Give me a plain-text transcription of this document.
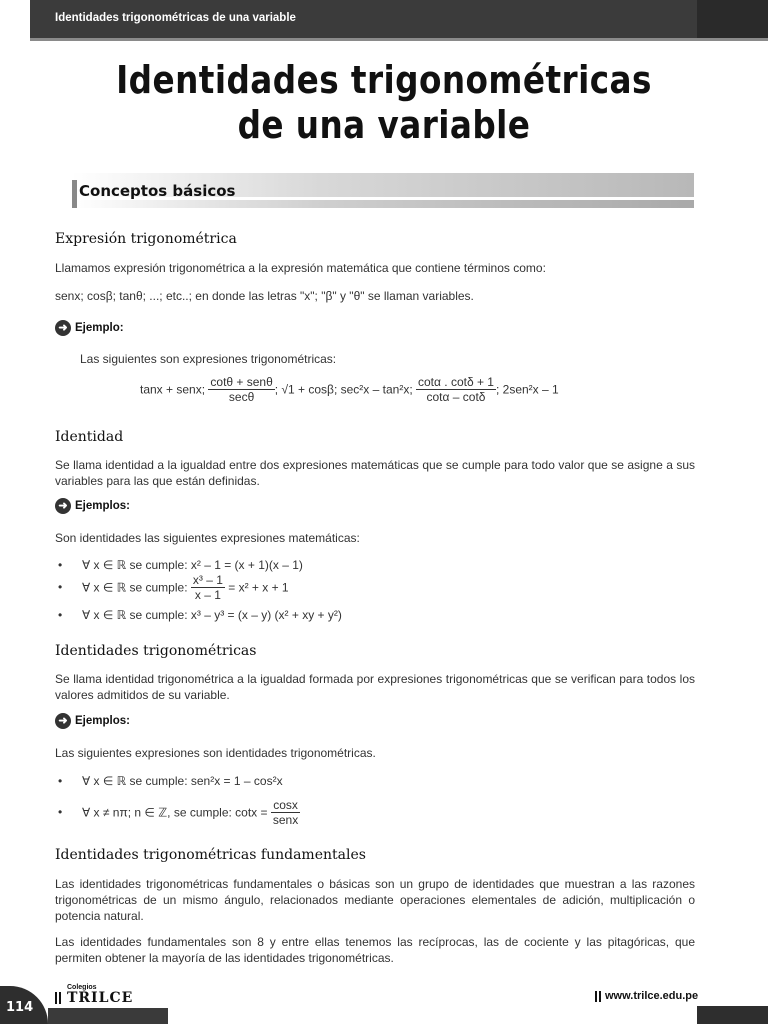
Identidades trigonométricas de una variable
Identidades trigonométricas
de una variable
Conceptos básicos
Expresión trigonométrica
Llamamos expresión trigonométrica a la expresión matemática que contiene términos como:
senx; cosβ; tanθ; ...; etc..; en donde las letras "x"; "β" y "θ" se llaman variables.
➜ Ejemplo:
Las siguientes son expresiones trigonométricas:
tanx + senx; $\frac{\text{cotθ + senθ}}{\sec\theta}$ ; √1 + cosβ; sec²x – tan²x; $\frac{\cot\alpha . \cot\delta + 1}{\cot\alpha - \cot\delta}$ ; 2sen²x – 1
Identidad
Se llama identidad a la igualdad entre dos expresiones matemáticas que se cumple para todo valor que se asigne a sus variables para las que están definidas.
➜ Ejemplos:
Son identidades las siguientes expresiones matemáticas:
• ∀ x ∈ ℝ se cumple: x² – 1 = (x + 1)(x – 1)
• ∀ x ∈ ℝ se cumple: $\frac{\text{x³ – 1}}{x - 1} = x^2 + x + 1$
• ∀ x ∈ ℝ se cumple: x³ – y³ = (x – y) (x² + xy + y²)
Identidades trigonométricas
Se llama identidad trigonométrica a la igualdad formada por expresiones trigonométricas que se verifican para todos los valores admitidos de su variable.
➜ Ejemplos:
Las siguientes expresiones son identidades trigonométricas.
• ∀ x ∈ ℝ se cumple: sen²x = 1 – cos²x
• ∀ x ≠ nπ; n ∈ ℤ, se cumple: $\cot x = \frac{\cos x}{\text{senx}}$
Identidades trigonométricas fundamentales
Las identidades trigonométricas fundamentales o básicas son un grupo de identidades que muestran a las razones trigonométricas de un mismo ángulo, relacionados mediante operaciones elementales de adición, multiplicación o potencia natural.
Las identidades fundamentales son 8 y entre ellas tenemos las recíprocas, las de cociente y las pitagóricas, que permiten obtener la mayoría de las identidades trigonométricas.
114
Colegios
TRILCE	www.trilce.edu.pe
